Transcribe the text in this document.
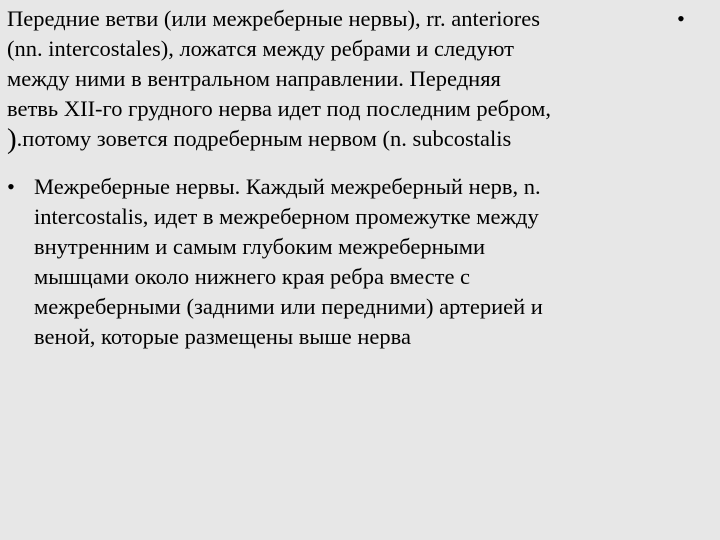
•
Передние ветви (или межреберные нервы), rr. anteriores
(nn. intercostales), ложатся между ребрами и следуют
между ними в вентральном направлении. Передняя
ветвь XII-го грудного нерва идет под последним ребром,
).потому зовется подреберным нервом (n. subcostalis
• Межреберные нервы. Каждый межреберный нерв, n.
intercostalis, идет в межреберном промежутке между
внутренним и самым глубоким межреберными
мышцами около нижнего края ребра вместе с
межреберными (задними или передними) артерией и
веной, которые размещены выше нерва
